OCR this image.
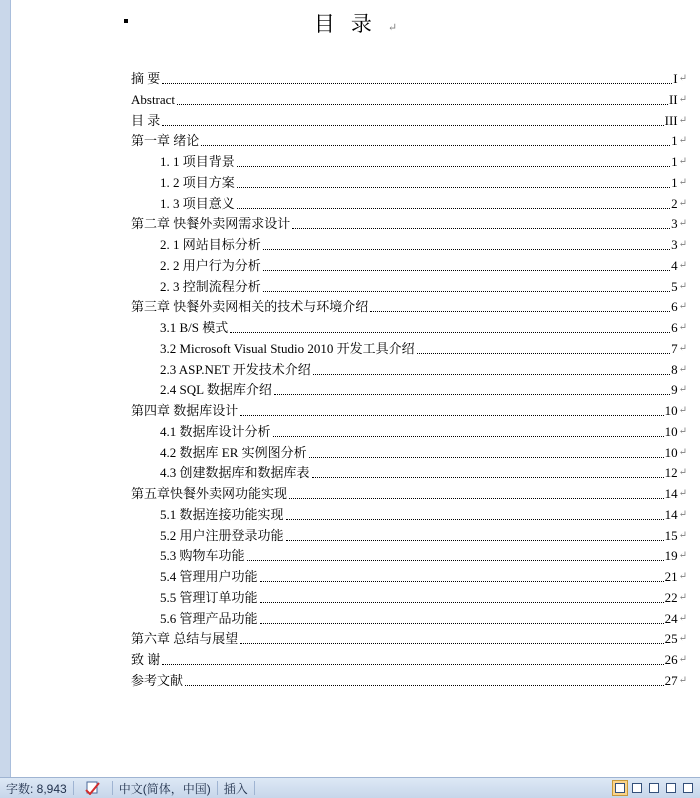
目录↵
摘 要	I ↵
Abstract	II ↵
目 录	III ↵
第一章 绪论	1 ↵
1. 1 项目背景	1 ↵
1. 2 项目方案	1 ↵
1. 3 项目意义	2 ↵
第二章 快餐外卖网需求设计	3 ↵
2. 1 网站目标分析	3 ↵
2. 2 用户行为分析	4 ↵
2. 3 控制流程分析	5 ↵
第三章 快餐外卖网相关的技术与环境介绍	6 ↵
3.1 B/S 模式	6 ↵
3.2 Microsoft Visual Studio 2010 开发工具介绍	7 ↵
2.3 ASP.NET 开发技术介绍	8 ↵
2.4 SQL 数据库介绍	9 ↵
第四章 数据库设计	10 ↵
4.1 数据库设计分析	10 ↵
4.2 数据库 ER 实例图分析	10 ↵
4.3 创建数据库和数据库表	12 ↵
第五章快餐外卖网功能实现	14 ↵
5.1 数据连接功能实现	14 ↵
5.2 用户注册登录功能	15 ↵
5.3 购物车功能	19 ↵
5.4 管理用户功能	21 ↵
5.5 管理订单功能	22 ↵
5.6 管理产品功能	24 ↵
第六章 总结与展望	25 ↵
致 谢	26 ↵
参考文献	27 ↵
字数: 8,943	中文(简体，中国)	插入
